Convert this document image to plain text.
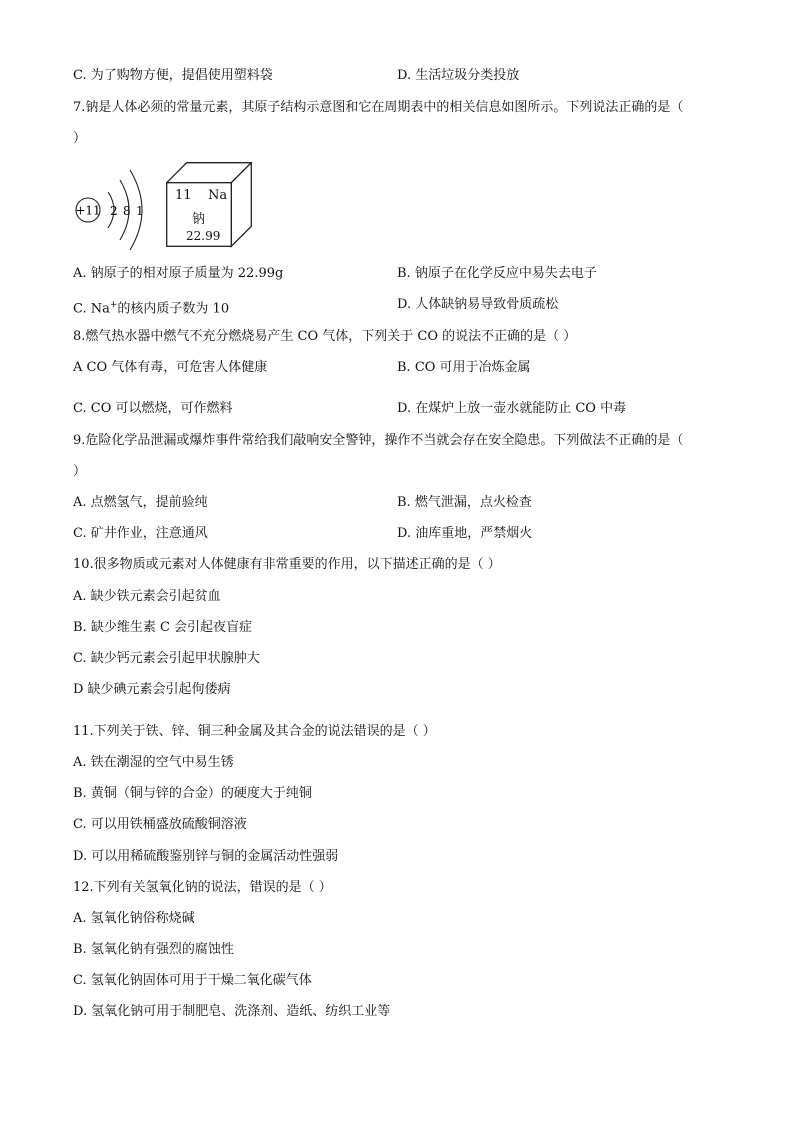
C. 为了购物方便，提倡使用塑料袋	D. 生活垃圾分类投放
7.钠是人体必须的常量元素，其原子结构示意图和它在周期表中的相关信息如图所示。下列说法正确的是（
）
+11 2 8 1
11 Na
钠
22.99
A. 钠原子的相对原子质量为 22.99g	B. 钠原子在化学反应中易失去电子
C. Na+的核内质子数为 10	D. 人体缺钠易导致骨质疏松
8.燃气热水器中燃气不充分燃烧易产生 CO 气体，下列关于 CO 的说法不正确的是（ ）
A CO 气体有毒，可危害人体健康	B. CO 可用于冶炼金属
C. CO 可以燃烧，可作燃料	D. 在煤炉上放一壶水就能防止 CO 中毒
9.危险化学品泄漏或爆炸事件常给我们敲响安全警钟，操作不当就会存在安全隐患。下列做法不正确的是（
）
A. 点燃氢气，提前验纯	B. 燃气泄漏，点火检查
C. 矿井作业，注意通风	D. 油库重地，严禁烟火
10.很多物质或元素对人体健康有非常重要的作用，以下描述正确的是（ ）
A. 缺少铁元素会引起贫血
B. 缺少维生素 C 会引起夜盲症
C. 缺少钙元素会引起甲状腺肿大
D 缺少碘元素会引起佝偻病
11.下列关于铁、锌、铜三种金属及其合金的说法错误的是（ ）
A. 铁在潮湿的空气中易生锈
B. 黄铜（铜与锌的合金）的硬度大于纯铜
C. 可以用铁桶盛放硫酸铜溶液
D. 可以用稀硫酸鉴别锌与铜的金属活动性强弱
12.下列有关氢氧化钠的说法，错误的是（ ）
A. 氢氧化钠俗称烧碱
B. 氢氧化钠有强烈的腐蚀性
C. 氢氧化钠固体可用于干燥二氧化碳气体
D. 氢氧化钠可用于制肥皂、洗涤剂、造纸、纺织工业等
